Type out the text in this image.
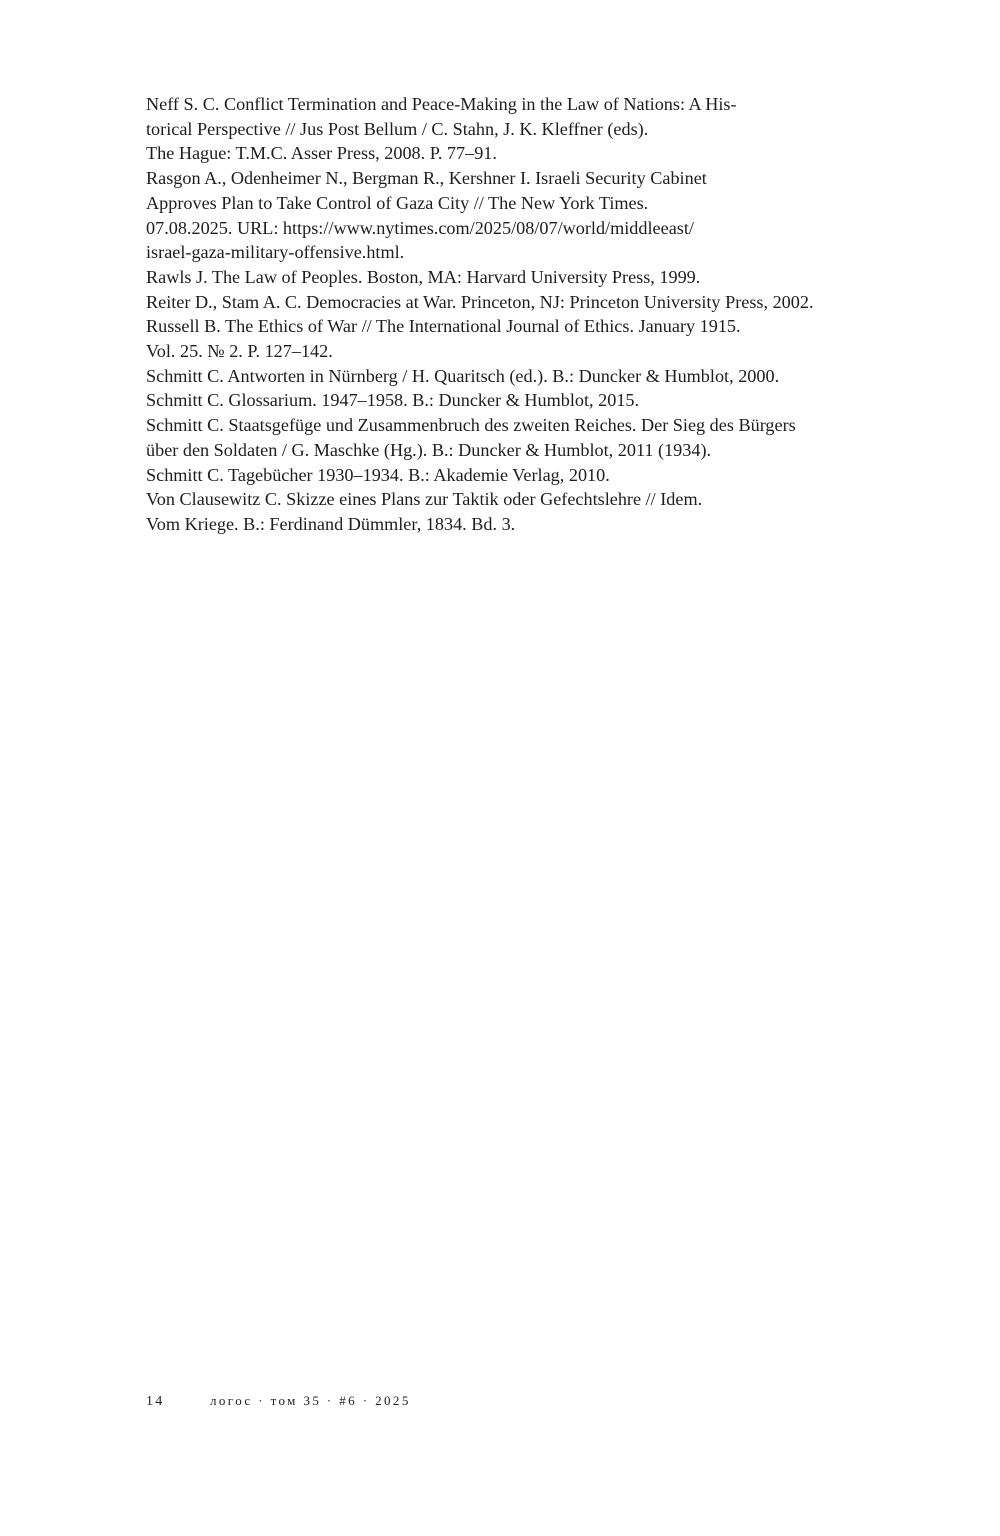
Neff S. C. Conflict Termination and Peace-Making in the Law of Nations: A His-
torical Perspective // Jus Post Bellum / C. Stahn, J. K. Kleffner (eds).
The Hague: T.M.C. Asser Press, 2008. P. 77–91.

Rasgon A., Odenheimer N., Bergman R., Kershner I. Israeli Security Cabinet
Approves Plan to Take Control of Gaza City // The New York Times.
07.08.2025. URL: https://www.nytimes.com/2025/08/07/world/middleeast/
israel-gaza-military-offensive.html.

Rawls J. The Law of Peoples. Boston, MA: Harvard University Press, 1999.

Reiter D., Stam A. C. Democracies at War. Princeton, NJ: Princeton University Press, 2002.

Russell B. The Ethics of War // The International Journal of Ethics. January 1915.
Vol. 25. № 2. P. 127–142.

Schmitt C. Antworten in Nürnberg / H. Quaritsch (ed.). B.: Duncker & Humblot, 2000.

Schmitt C. Glossarium. 1947–1958. B.: Duncker & Humblot, 2015.

Schmitt C. Staatsgefüge und Zusammenbruch des zweiten Reiches. Der Sieg des Bürgers
über den Soldaten / G. Maschke (Hg.). B.: Duncker & Humblot, 2011 (1934).

Schmitt C. Tagebücher 1930–1934. B.: Akademie Verlag, 2010.

Von Clausewitz C. Skizze eines Plans zur Taktik oder Gefechtslehre // Idem.
Vom Kriege. B.: Ferdinand Dümmler, 1834. Bd. 3.

14	логос · том 35 · #6 · 2025
